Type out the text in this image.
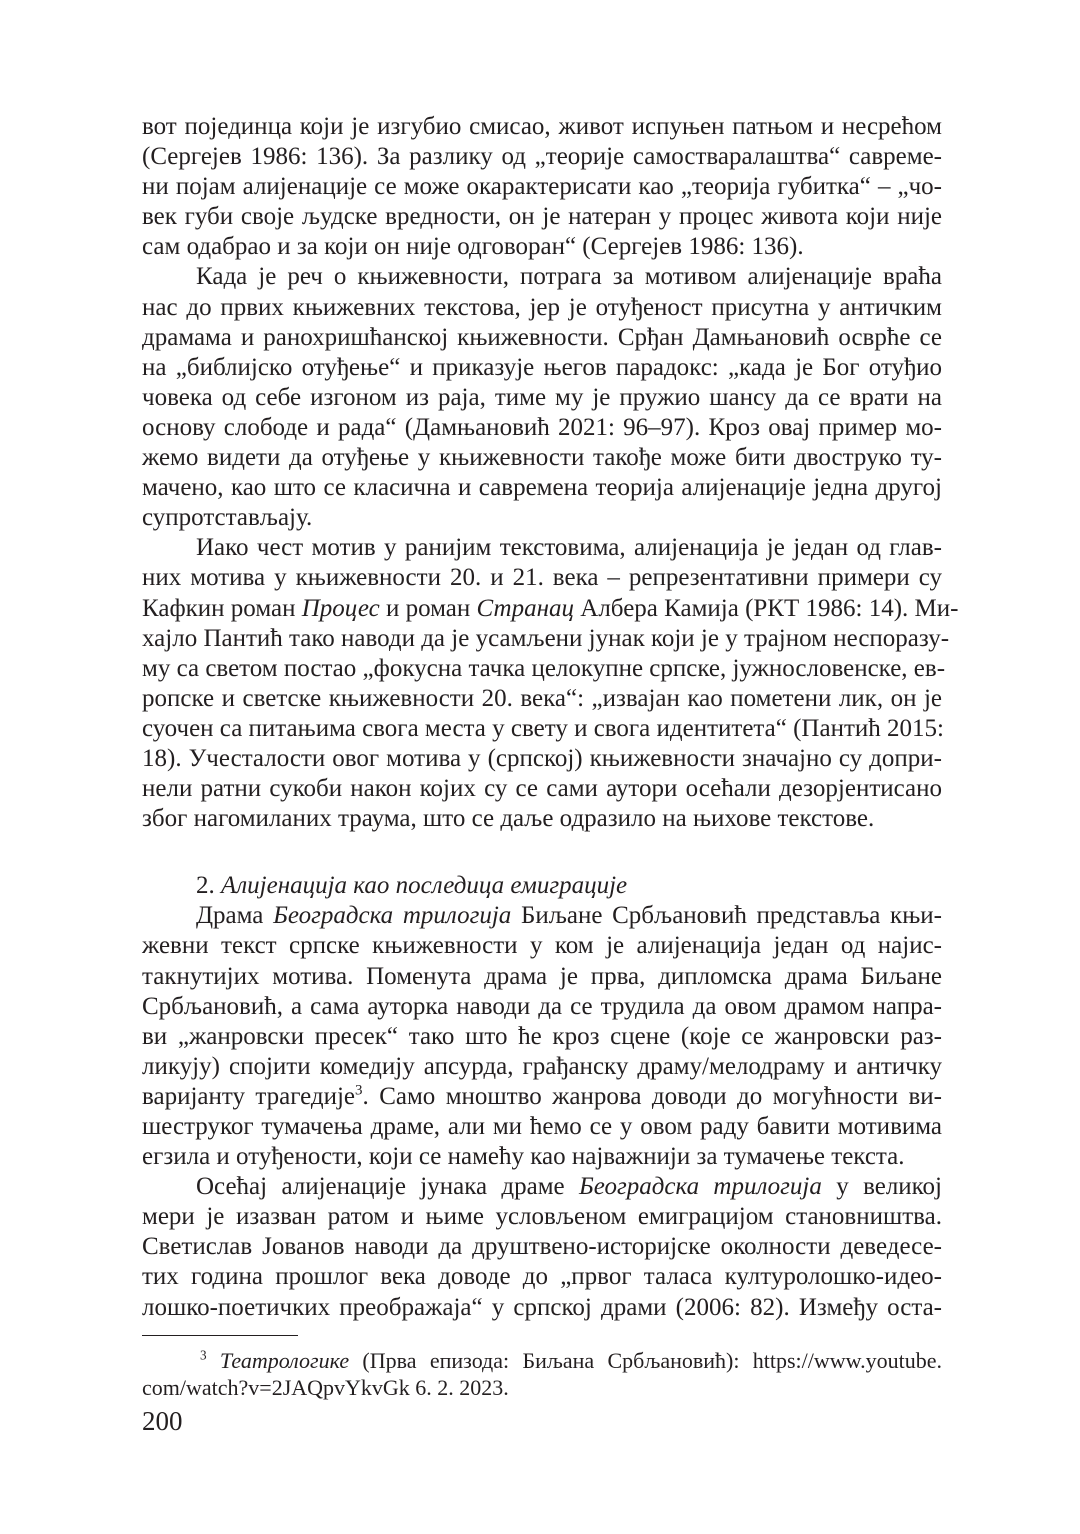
вот појединца који је изгубио смисао, живот испуњен патњом и несрећом
(Сергејев 1986: 136). За разлику од „теорије самостваралаштва“ савреме-
ни појам алијенације се може окарактерисати као „теорија губитка“ – „чо-
век губи своје људске вредности, он је натеран у процес живота који није
сам одабрао и за који он није одговоран“ (Сергејев 1986: 136).
Када је реч о књижевности, потрага за мотивом алијенације враћа
нас до првих књижевних текстова, јер је отуђеност присутна у античким
драмама и ранохришћанској књижевности. Срђан Дамњановић осврће се
на „библијско отуђење“ и приказује његов парадокс: „када је Бог отуђио
човека од себе изгоном из раја, тиме му је пружио шансу да се врати на
основу слободе и рада“ (Дамњановић 2021: 96–97). Кроз овај пример мо-
жемо видети да отуђење у књижевности такође може бити двоструко ту-
мачено, као што се класична и савремена теорија алијенације једна другој
супротстављају.
Иако чест мотив у ранијим текстовима, алијенација је један од глав-
них мотива у књижевности 20. и 21. века – репрезентативни примери су
Кафкин роман Процес и роман Странац Албера Камија (РКТ 1986: 14). Ми-
хајло Пантић тако наводи да је усамљени јунак који је у трајном неспоразу-
му са светом постао „фокусна тачка целокупне српске, јужнословенске, ев-
ропске и светске књижевности 20. века“: „извајан као пометени лик, он је
суочен са питањима свога места у свету и свога идентитета“ (Пантић 2015:
18). Учесталости овог мотива у (српској) књижевности значајно су допри-
нели ратни сукоби након којих су се сами аутори осећали дезорјентисано
због нагомиланих траума, што се даље одразило на њихове текстове.
2. Алијенација као последица емиграције
Драма Београдска трилогија Биљане Србљановић представља књи-
жевни текст српске књижевности у ком је алијенација један од најис-
такнутијих мотива. Поменута драма је прва, дипломска драма Биљане
Србљановић, а сама ауторка наводи да се трудила да овом драмом напра-
ви „жанровски пресек“ тако што ће кроз сцене (које се жанровски раз-
ликују) спојити комедију апсурда, грађанску драму/мелодраму и античку
варијанту трагедије$^3$. Само мноштво жанрова доводи до могућности ви-
шеструког тумачења драме, али ми ћемо се у овом раду бавити мотивима
егзила и отуђености, који се намећу као најважнији за тумачење текста.
Осећај алијенације јунака драме Београдска трилогија у великој
мери је изазван ратом и њиме условљеном емиграцијом становништва.
Светислав Јованов наводи да друштвено-историјске околности деведесе-
тих година прошлог века доводе до „првог таласа културолошко-идео-
лошко-поетичких преображаја“ у српској драми (2006: 82). Између оста-
$^3$ Театрологике (Прва епизода: Биљана Србљановић): https://www.youtube.
com/watch?v=2JAQpvYkvGk 6. 2. 2023.
200
